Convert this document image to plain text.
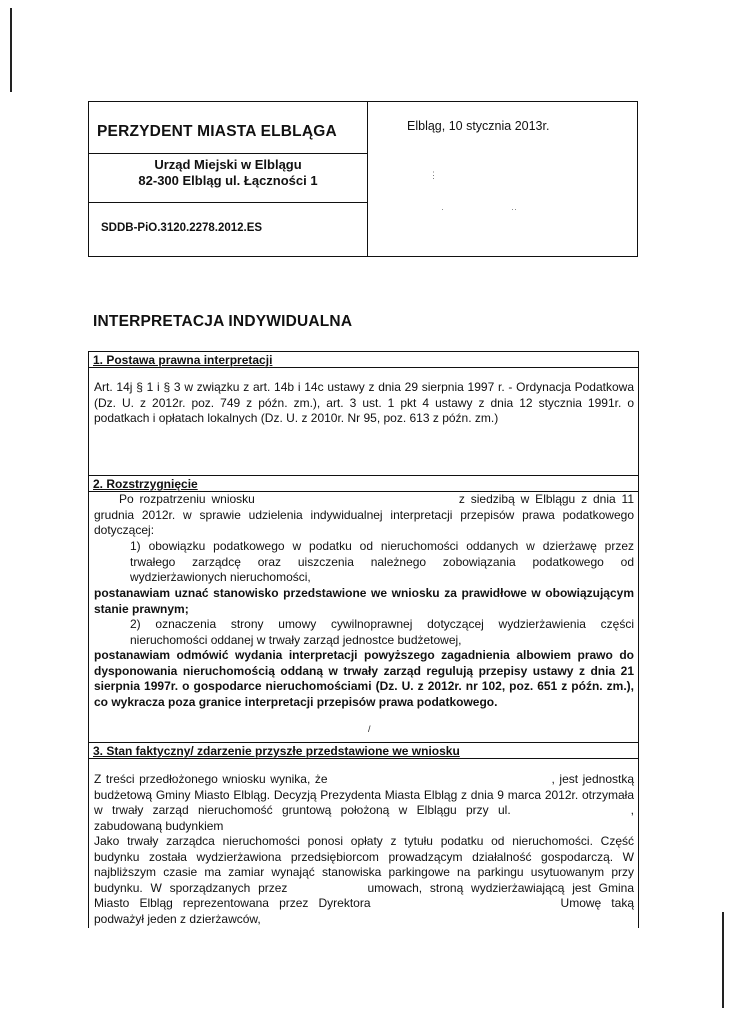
PERZYDENT MIASTA ELBLĄGA
Urząd Miejski w Elblągu
82-300 Elbląg ul. Łączności 1
SDDB-PiO.3120.2278.2012.ES
Elbląg, 10 stycznia 2013r.
⋮
·	··
INTERPRETACJA INDYWIDUALNA
1. Postawa prawna interpretacji
Art. 14j § 1 i § 3 w związku z art. 14b i 14c ustawy z dnia 29 sierpnia 1997 r. - Ordynacja Podatkowa (Dz. U. z 2012r. poz. 749 z późn. zm.), art. 3 ust. 1 pkt 4 ustawy z dnia 12 stycznia 1991r. o podatkach i opłatach lokalnych (Dz. U. z 2010r. Nr 95, poz. 613 z późn. zm.)
2. Rozstrzygnięcie
Po rozpatrzeniu wniosku	z siedzibą w Elblągu z dnia 11 grudnia 2012r. w sprawie udzielenia indywidualnej interpretacji przepisów prawa podatkowego dotyczącej:
1) obowiązku podatkowego w podatku od nieruchomości oddanych w dzierżawę przez trwałego zarządcę oraz uiszczenia należnego zobowiązania podatkowego od wydzierżawionych nieruchomości,
postanawiam uznać stanowisko przedstawione we wniosku za prawidłowe w obowiązującym stanie prawnym;
2) oznaczenia strony umowy cywilnoprawnej dotyczącej wydzierżawienia części nieruchomości oddanej w trwały zarząd jednostce budżetowej,
postanawiam odmówić wydania interpretacji powyższego zagadnienia albowiem prawo do dysponowania nieruchomością oddaną w trwały zarząd regulują przepisy ustawy z dnia 21 sierpnia 1997r. o gospodarce nieruchomościami (Dz. U. z 2012r. nr 102, poz. 651 z późn. zm.), co wykracza poza granice interpretacji przepisów prawa podatkowego.
/
3. Stan faktyczny/ zdarzenie przyszłe przedstawione we wniosku
Z treści przedłożonego wniosku wynika, że	, jest jednostką budżetową Gminy Miasto Elbląg. Decyzją Prezydenta Miasta Elbląg z dnia 9 marca 2012r. otrzymała w trwały zarząd nieruchomość gruntową położoną w Elblągu przy ul.	, zabudowaną budynkiem
Jako trwały zarządca nieruchomości ponosi opłaty z tytułu podatku od nieruchomości. Część budynku została wydzierżawiona przedsiębiorcom prowadzącym działalność gospodarczą. W najbliższym czasie ma zamiar wynająć stanowiska parkingowe na parkingu usytuowanym przy budynku. W sporządzanych przez	umowach, stroną wydzierżawiającą jest Gmina Miasto Elbląg reprezentowana przez Dyrektora	Umowę taką podważył jeden z dzierżawców,
